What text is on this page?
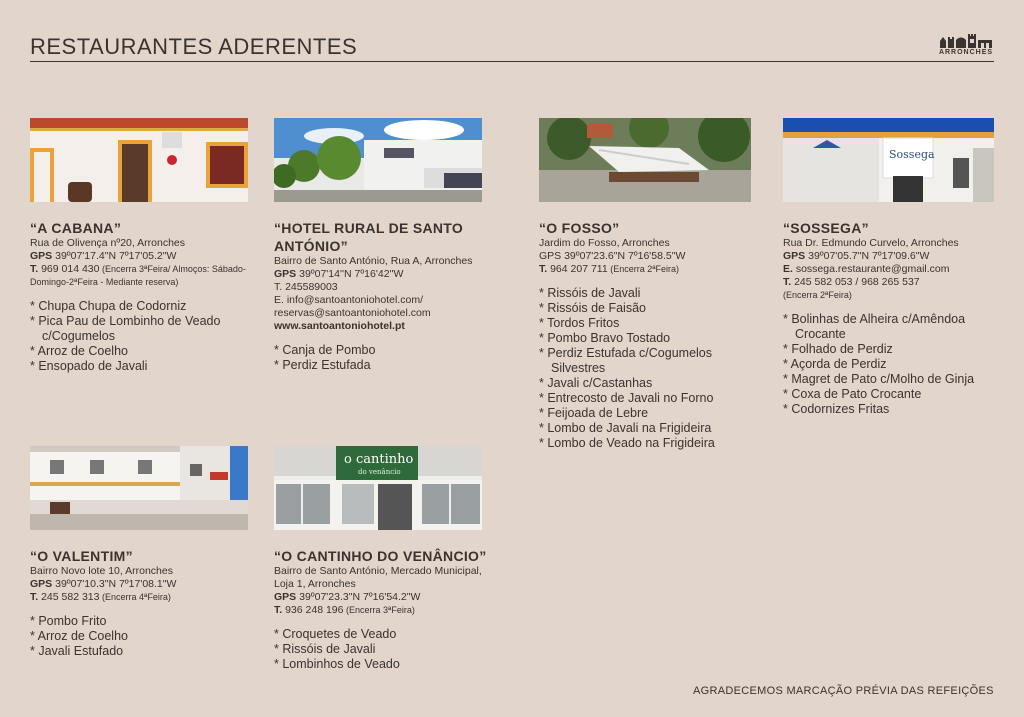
RESTAURANTES ADERENTES	ARRONCHES
“A CABANA”
Rua de Olivença nº20, Arronches
GPS 39º07'17.4"N 7º17'05.2"W
T. 969 014 430 (Encerra 3ªFeira/ Almoços: Sábado-Domingo-2ªFeira - Mediante reserva)
* Chupa Chupa de Codorniz
* Pica Pau de Lombinho de Veado c/Cogumelos
* Arroz de Coelho
* Ensopado de Javali
“HOTEL RURAL DE SANTO ANTÓNIO”
Bairro de Santo António, Rua A, Arronches
GPS 39º07'14''N 7º16'42''W
T. 245589003
E. info@santoantoniohotel.com/ reservas@santoantoniohotel.com
www.santoantoniohotel.pt
* Canja de Pombo
* Perdiz Estufada
“O FOSSO”
Jardim do Fosso, Arronches
GPS 39º07'23.6"N 7º16'58.5"W
T. 964 207 711 (Encerra 2ªFeira)
* Rissóis de Javali
* Rissóis de Faisão
* Tordos Fritos
* Pombo Bravo Tostado
* Perdiz Estufada c/Cogumelos Silvestres
* Javali c/Castanhas
* Entrecosto de Javali no Forno
* Feijoada de Lebre
* Lombo de Javali na Frigideira
* Lombo de Veado na Frigideira
Sossega
“SOSSEGA”
Rua Dr. Edmundo Curvelo, Arronches
GPS 39º07'05.7"N 7º17'09.6"W
E. sossega.restaurante@gmail.com
T. 245 582 053 / 968 265 537
(Encerra 2ªFeira)
* Bolinhas de Alheira c/Amêndoa Crocante
* Folhado de Perdiz
* Açorda de Perdiz
* Magret de Pato c/Molho de Ginja
* Coxa de Pato Crocante
* Codornizes Fritas
“O VALENTIM”
Bairro Novo lote 10, Arronches
GPS 39º07'10.3"N 7º17'08.1"W
T. 245 582 313 (Encerra 4ªFeira)
* Pombo Frito
* Arroz de Coelho
* Javali Estufado
o cantinho
do venâncio
“O CANTINHO DO VENÂNCIO”
Bairro de Santo António, Mercado Municipal, Loja 1, Arronches
GPS 39º07'23.3"N 7º16'54.2"W
T. 936 248 196 (Encerra 3ªFeira)
* Croquetes de Veado
* Rissóis de Javali
* Lombinhos de Veado
AGRADECEMOS MARCAÇÃO PRÉVIA DAS REFEIÇÕES
